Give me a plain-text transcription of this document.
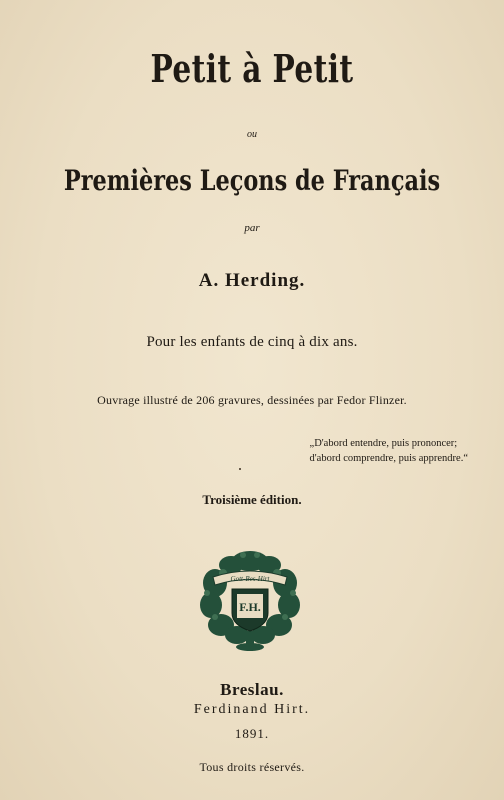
Petit à Petit
ou
Premières Leçons de Français
par
A. Herding.
Pour les enfants de cinq à dix ans.
Ouvrage illustré de 206 gravures, dessinées par Fedor Flinzer.
„D'abord entendre, puis prononcer;
d'abord comprendre, puis apprendre.“
Troisième édition.
Gott-Bes-Hirt
F.H.
Breslau.
Ferdinand Hirt.
1891.
Tous droits réservés.
